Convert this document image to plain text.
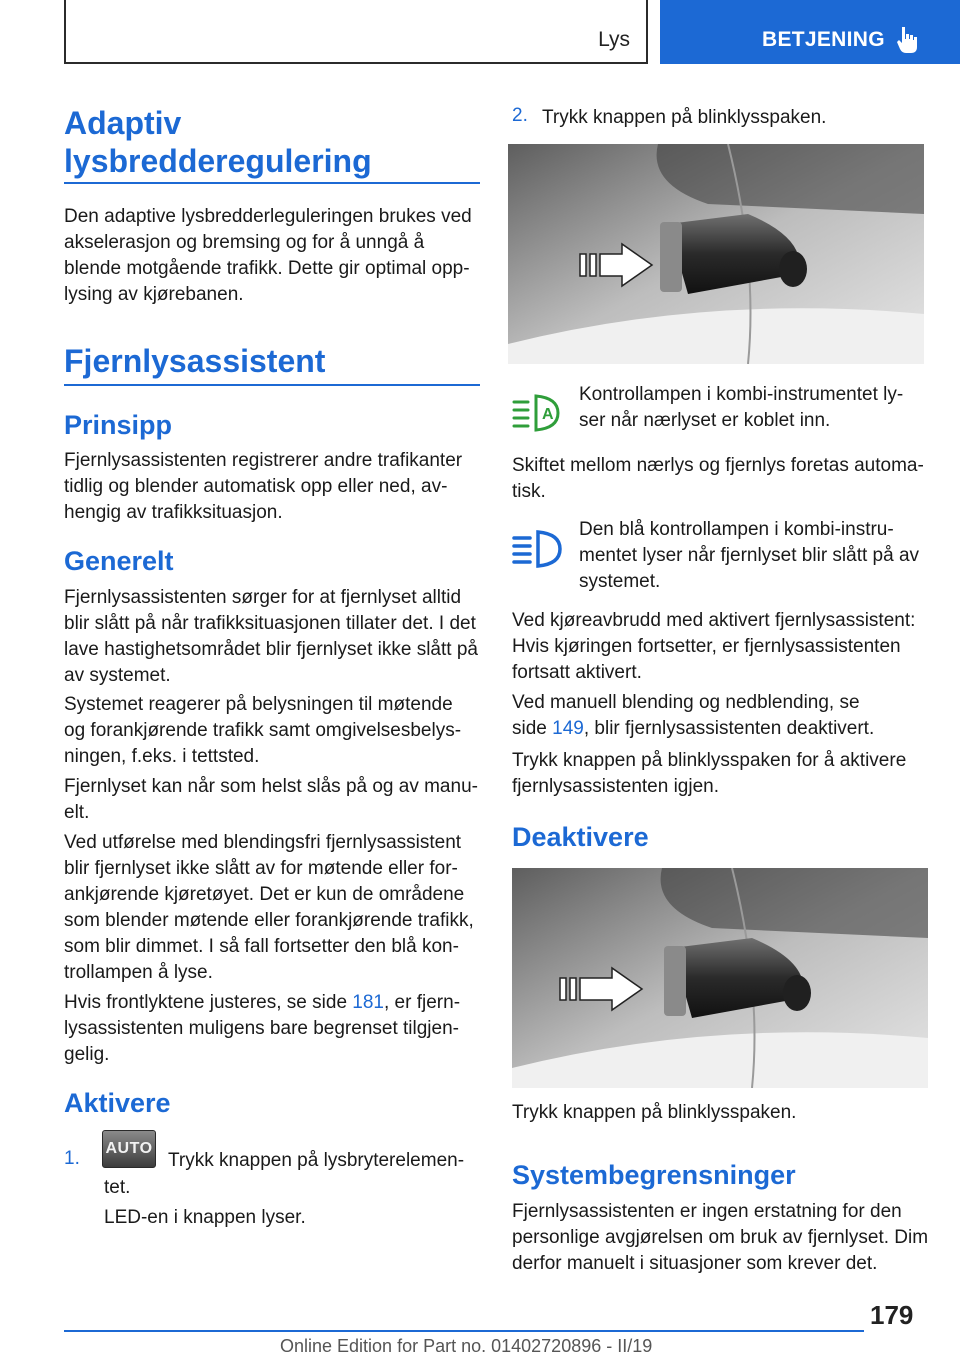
Lys	BETJENING
Adaptiv
lysbredderegulering

Den adaptive lysbredderleguleringen brukes ved
akselerasjon og bremsing og for å unngå å
blende motgående trafikk. Dette gir optimal opp-
lysing av kjørebanen.

Fjernlysassistent
Prinsipp

Fjernlysassistenten registrerer andre trafikanter
tidlig og blender automatisk opp eller ned, av-
hengig av trafikksituasjon.

Generelt

Fjernlysassistenten sørger for at fjernlyset alltid
blir slått på når trafikksituasjonen tillater det. I det
lave hastighetsområdet blir fjernlyset ikke slått på
av systemet.

Systemet reagerer på belysningen til møtende
og forankjørende trafikk samt omgivelsesbelys-
ningen, f.eks. i tettsted.

Fjernlyset kan når som helst slås på og av manu-
elt.

Ved utførelse med blendingsfri fjernlysassistent
blir fjernlyset ikke slått av for møtende eller for-
ankjørende kjøretøyet. Det er kun de områdene
som blender møtende eller forankjørende trafikk,
som blir dimmet. I så fall fortsetter den blå kon-
trollampen å lyse.

Hvis frontlyktene justeres, se side 181, er fjern-
lysassistenten muligens bare begrenset tilgjen-
gelig.

Aktivere
1. AUTO

Trykk knappen på lysbryterelemen-

tet.

LED-en i knappen lyser.

2. Trykk knappen på blinklysspaken.

A

Kontrollampen i kombi-instrumentet ly-
ser når nærlyset er koblet inn.

Skiftet mellom nærlys og fjernlys foretas automa-
tisk.

Den blå kontrollampen i kombi-instru-
mentet lyser når fjernlyset blir slått på av
systemet.

Ved kjøreavbrudd med aktivert fjernlysassistent:
Hvis kjøringen fortsetter, er fjernlysassistenten
fortsatt aktivert.

Ved manuell blending og nedblending, se
side 149, blir fjernlysassistenten deaktivert.

Trykk knappen på blinklysspaken for å aktivere
fjernlysassistenten igjen.

Deaktivere

Trykk knappen på blinklysspaken.

Systembegrensninger

Fjernlysassistenten er ingen erstatning for den
personlige avgjørelsen om bruk av fjernlyset. Dim
derfor manuelt i situasjoner som krever det.

179
Online Edition for Part no. 01402720896 - II/19
